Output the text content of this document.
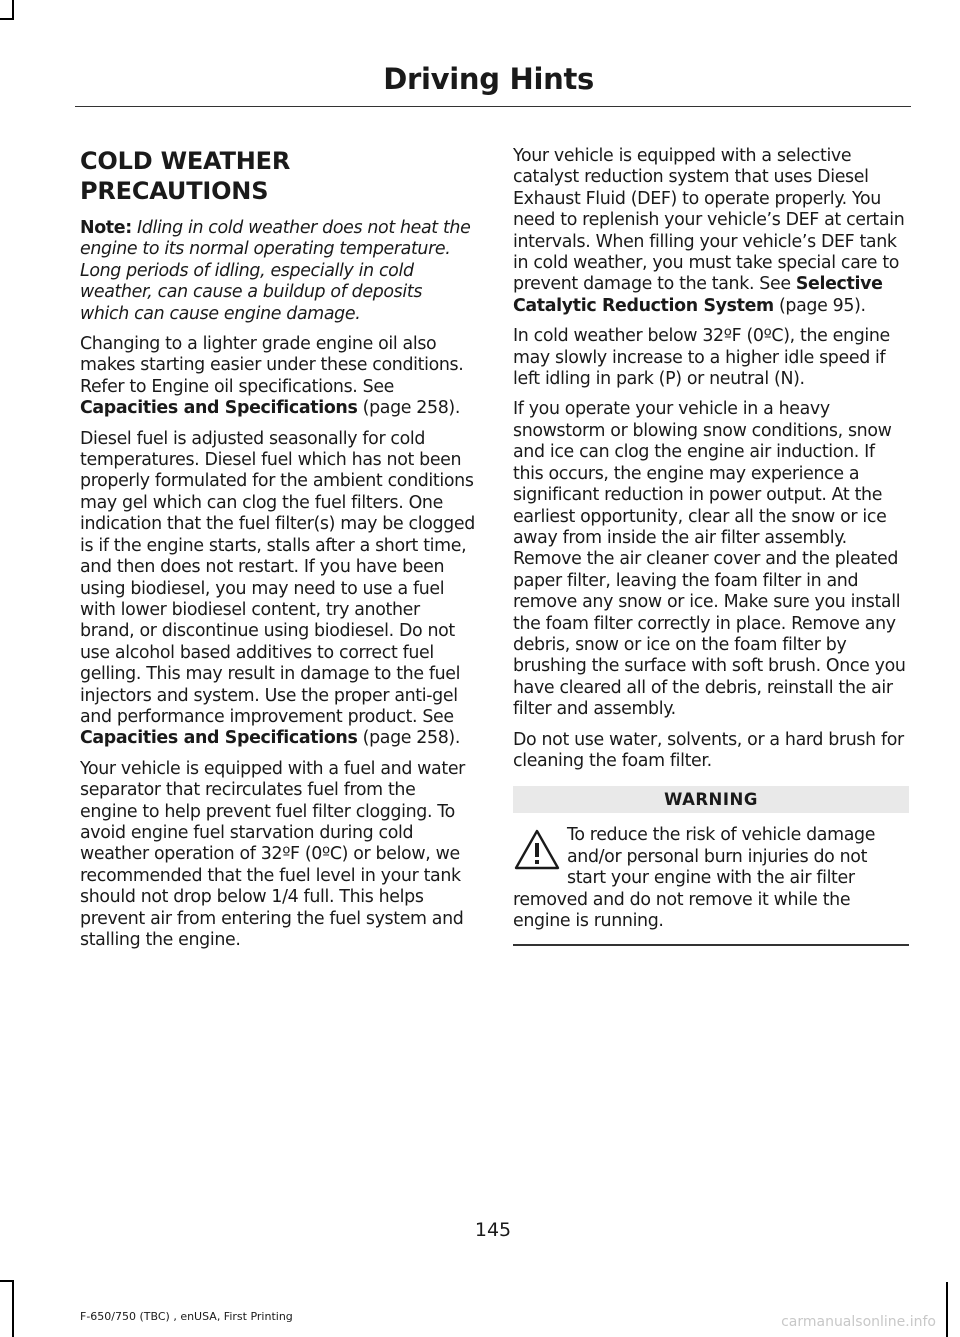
Driving Hints
COLD WEATHER
PRECAUTIONS

Note: Idling in cold weather does not heat the engine to its normal operating temperature. Long periods of idling, especially in cold weather, can cause a buildup of deposits which can cause engine damage.

Changing to a lighter grade engine oil also makes starting easier under these conditions. Refer to Engine oil specifications. See Capacities and Specifications (page 258).

Diesel fuel is adjusted seasonally for cold temperatures. Diesel fuel which has not been properly formulated for the ambient conditions may gel which can clog the fuel filters. One indication that the fuel filter(s) may be clogged is if the engine starts, stalls after a short time, and then does not restart. If you have been using biodiesel, you may need to use a fuel with lower biodiesel content, try another brand, or discontinue using biodiesel. Do not use alcohol based additives to correct fuel gelling. This may result in damage to the fuel injectors and system. Use the proper anti-gel and performance improvement product. See Capacities and Specifications (page 258).

Your vehicle is equipped with a fuel and water separator that recirculates fuel from the engine to help prevent fuel filter clogging. To avoid engine fuel starvation during cold weather operation of 32ºF (0ºC) or below, we recommended that the fuel level in your tank should not drop below 1/4 full. This helps prevent air from entering the fuel system and stalling the engine.

Your vehicle is equipped with a selective catalyst reduction system that uses Diesel Exhaust Fluid (DEF) to operate properly. You need to replenish your vehicle’s DEF at certain intervals. When filling your vehicle’s DEF tank in cold weather, you must take special care to prevent damage to the tank. See Selective Catalytic Reduction System (page 95).

In cold weather below 32ºF (0ºC), the engine may slowly increase to a higher idle speed if left idling in park (P) or neutral (N).

If you operate your vehicle in a heavy snowstorm or blowing snow conditions, snow and ice can clog the engine air induction. If this occurs, the engine may experience a significant reduction in power output. At the earliest opportunity, clear all the snow or ice away from inside the air filter assembly. Remove the air cleaner cover and the pleated paper filter, leaving the foam filter in and remove any snow or ice. Make sure you install the foam filter correctly in place. Remove any debris, snow or ice on the foam filter by brushing the surface with soft brush. Once you have cleared all of the debris, reinstall the air filter and assembly.

Do not use water, solvents, or a hard brush for cleaning the foam filter.

WARNING

To reduce the risk of vehicle damage and/or personal burn injuries do not start your engine with the air filter removed and do not remove it while the engine is running.

145
F-650/750 (TBC) , enUSA, First Printing	carmanualsonline.info
